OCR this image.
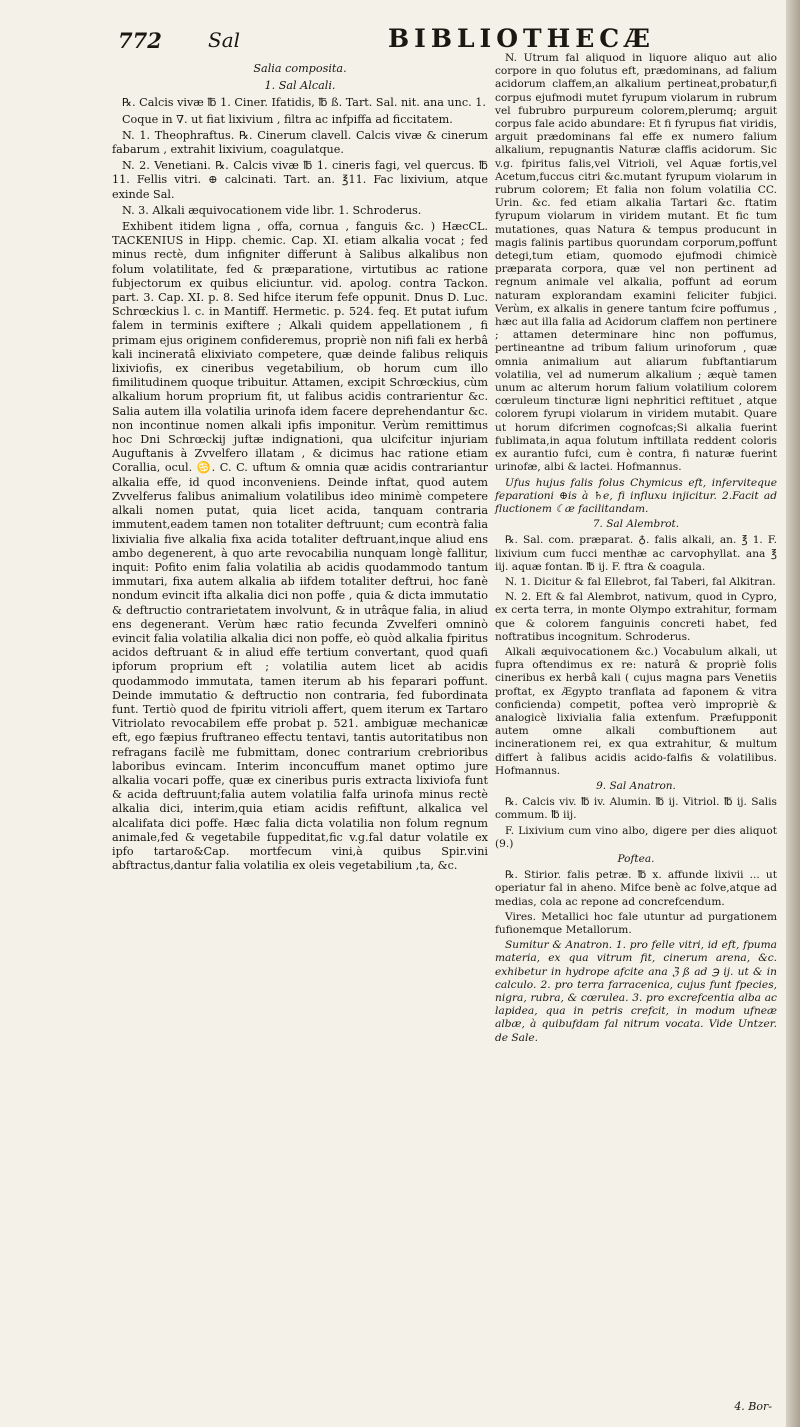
772 Sal	BIBLIOTHECÆ
Salia composita.
1. Sal Alcali.

℞. Calcis vivæ ℔ 1. Ciner. Ifatidis, ℔ ß. Tart. Sal. nit. ana unc. 1.

Coque in ∇. ut fiat lixivium , filtra ac infpiffa ad ficcitatem.

N. 1. Theophraftus. ℞. Cinerum clavell. Calcis vivæ & cinerum fabarum , extrahit lixivium, coagulatque.

N. 2. Venetiani. ℞. Calcis vivæ ℔ 1. cineris fagi, vel quercus. ℔ 11. Fellis vitri. ⊕ calcinati. Tart. an. ℥11. Fac lixivium, atque exinde Sal.

N. 3. Alkali æquivocationem vide libr. 1. Schroderus.

Exhibent itidem ligna , offa, cornua , fanguis &c. ) HæcCL. TACKENIUS in Hipp. chemic. Cap. XI. etiam alkalia vocat ; fed minus rectè, dum infigniter differunt à Salibus alkalibus non folum volatilitate, fed & præparatione, virtutibus ac ratione fubjectorum ex quibus eliciuntur. vid. apolog. contra Tackon. part. 3. Cap. XI. p. 8. Sed hifce iterum fefe oppunit. Dnus D. Luc. Schrœckius l. c. in Mantiff. Hermetic. p. 524. feq. Et putat iufum falem in terminis exiftere ; Alkali quidem appellationem , fi primam ejus originem confideremus, propriè non nifi fali ex herbâ kali incineratâ elixiviato competere, quæ deinde falibus reliquis lixiviofis, ex cineribus vegetabilium, ob horum cum illo fimilitudinem quoque tribuitur. Attamen, excipit Schrœckius, cùm alkalium horum proprium fit, ut falibus acidis contrarientur &c. Salia autem illa volatilia urinofa idem facere deprehendantur &c. non incontinue nomen alkali ipfis imponitur. Verùm remittimus hoc Dni Schrœckij juftæ indignationi, qua ulcifcitur injuriam Auguftanis à Zvvelfero illatam , & dicimus hac ratione etiam Corallia, ocul. ♋. C. C. uftum & omnia quæ acidis contrariantur alkalia effe, id quod inconveniens. Deinde inftat, quod autem Zvvelferus falibus animalium volatilibus ideo minimè competere alkali nomen putat, quia licet acida, tanquam contraria immutent,eadem tamen non totaliter deftruunt; cum econtrà falia lixivialia five alkalia fixa acida totaliter deftruant,inque aliud ens ambo degenerent, à quo arte revocabilia nunquam longè fallitur, inquit: Pofito enim falia volatilia ab acidis quodammodo tantum immutari, fixa autem alkalia ab iifdem totaliter deftrui, hoc fanè nondum evincit ifta alkalia dici non poffe , quia & dicta immutatio & deftructio contrarietatem involvunt, & in utrâque falia, in aliud ens degenerant. Verùm hæc ratio fecunda Zvvelferi omninò evincit falia volatilia alkalia dici non poffe, eò quòd alkalia fpiritus acidos deftruant & in aliud effe tertium convertant, quod quafi ipforum proprium eft ; volatilia autem licet ab acidis quodammodo immutata, tamen iterum ab his feparari poffunt. Deinde immutatio & deftructio non contraria, fed fubordinata funt. Tertiò quod de fpiritu vitrioli affert, quem iterum ex Tartaro Vitriolato revocabilem effe probat p. 521. ambiguæ mechanicæ eft, ego fæpius fruftraneo effectu tentavi, tantis autoritatibus non refragans facilè me fubmittam, donec contrarium crebrioribus laboribus evincam. Interim inconcuffum manet optimo jure alkalia vocari poffe, quæ ex cineribus puris extracta lixiviofa funt & acida deftruunt;falia autem volatilia falfa urinofa minus rectè alkalia dici, interim,quia etiam acidis refiftunt, alkalica vel alcalifata dici poffe. Hæc falia dicta volatilia non folum regnum animale,fed & vegetabile fuppeditat,fic v.g.fal datur volatile ex ipfo tartaro&Cap. mortfecum vini,à quibus Spir.vini abftractus,dantur falia volatilia ex oleis vegetabilium ,ta, &c.

N. Utrum fal aliquod in liquore aliquo aut alio corpore in quo folutus eft, prædominans, ad falium acidorum claffem,an alkalium pertineat,probatur,fi corpus ejufmodi mutet fyrupum violarum in rubrum vel fubrubro purpureum colorem,plerumq; arguit corpus fale acido abundare: Et fi fyrupus fiat viridis, arguit prædominans fal effe ex numero falium alkalium, repugnantis Naturæ claffis acidorum. Sic v.g. fpiritus falis,vel Vitrioli, vel Aquæ fortis,vel Acetum,fuccus citri &c.mutant fyrupum violarum in rubrum colorem; Et falia non folum volatilia CC. Urin. &c. fed etiam alkalia Tartari &c. ftatim fyrupum violarum in viridem mutant. Et fic tum mutationes, quas Natura & tempus producunt in magis falinis partibus quorundam corporum,poffunt detegi,tum etiam, quomodo ejufmodi chimicè præparata corpora, quæ vel non pertinent ad regnum animale vel alkalia, poffunt ad eorum naturam explorandam examini feliciter fubjici. Verùm, ex alkalis in genere tantum fcire poffumus , hæc aut illa falia ad Acidorum claffem non pertinere ; attamen determinare hinc non poffumus, pertineantne ad tribum falium urinoforum , quæ omnia animalium aut aliarum fubftantiarum volatilia, vel ad numerum alkalium ; æquè tamen unum ac alterum horum falium volatilium colorem cœruleum tincturæ ligni nephritici reftituet , atque colorem fyrupi violarum in viridem mutabit. Quare ut horum difcrimen cognofcas;Si alkalia fuerint fublimata,in aqua folutum inftillata reddent coloris ex aurantio fufci, cum è contra, fi naturæ fuerint urinofæ, albi & lactei. Hofmannus.

Ufus hujus falis folus Chymicus eft, inferviteque feparationi ⊕is à ♄e, fi influxu injicitur. 2.Facit ad fluctionem ☾æ facilitandam.

7. Sal Alembrot.

℞. Sal. com. præparat. ♁. falis alkali, an. ℥ 1. F. lixivium cum fucci menthæ ac carvophyllat. ana ℥ iij. aquæ fontan. ℔ ij. F. ftra & coagula.

N. 1. Dicitur & fal Ellebrot, fal Taberi, fal Alkitran.

N. 2. Eft & fal Alembrot, nativum, quod in Cypro, ex certa terra, in monte Olympo extrahitur, formam que & colorem fanguinis concreti habet, fed noftratibus incognitum. Schroderus.

Alkali æquivocationem &c.) Vocabulum alkali, ut fupra oftendimus ex re: naturâ & propriè folis cineribus ex herbâ kali ( cujus magna pars Venetiis proftat, ex Ægypto tranflata ad faponem & vitra conficienda) competit, poftea verò impropriè & analogicè lixivialia falia extenfum. Præfupponit autem omne alkali combuftionem aut incinerationem rei, ex qua extrahitur, & multum differt à falibus acidis acido-falfis & volatilibus. Hofmannus.

9. Sal Anatron.

℞. Calcis viv. ℔ iv. Alumin. ℔ ij. Vitriol. ℔ ij. Salis commum. ℔ iij.

F. Lixivium cum vino albo, digere per dies aliquot (9.)

Poftea.

℞. Stirior. falis petræ. ℔ x. affunde lixivii ... ut operiatur fal in aheno. Mifce benè ac folve,atque ad medias, cola ac repone ad concrefcendum.

Vires. Metallici hoc fale utuntur ad purgationem fufionemque Metallorum.

Sumitur & Anatron. 1. pro felle vitri, id eft, fpuma materia, ex qua vitrum fit, cinerum arena, &c. exhibetur in hydrope afcite ana ℨ ß ad ℈ ij. ut & in calculo. 2. pro terra farracenica, cujus funt fpecies, nigra, rubra, & cœrulea. 3. pro excrefcentia alba ac lapidea, qua in petris crefcit, in modum ufneæ albæ, à quibufdam fal nitrum vocata. Vide Untzer. de Sale.

4. Bor-
